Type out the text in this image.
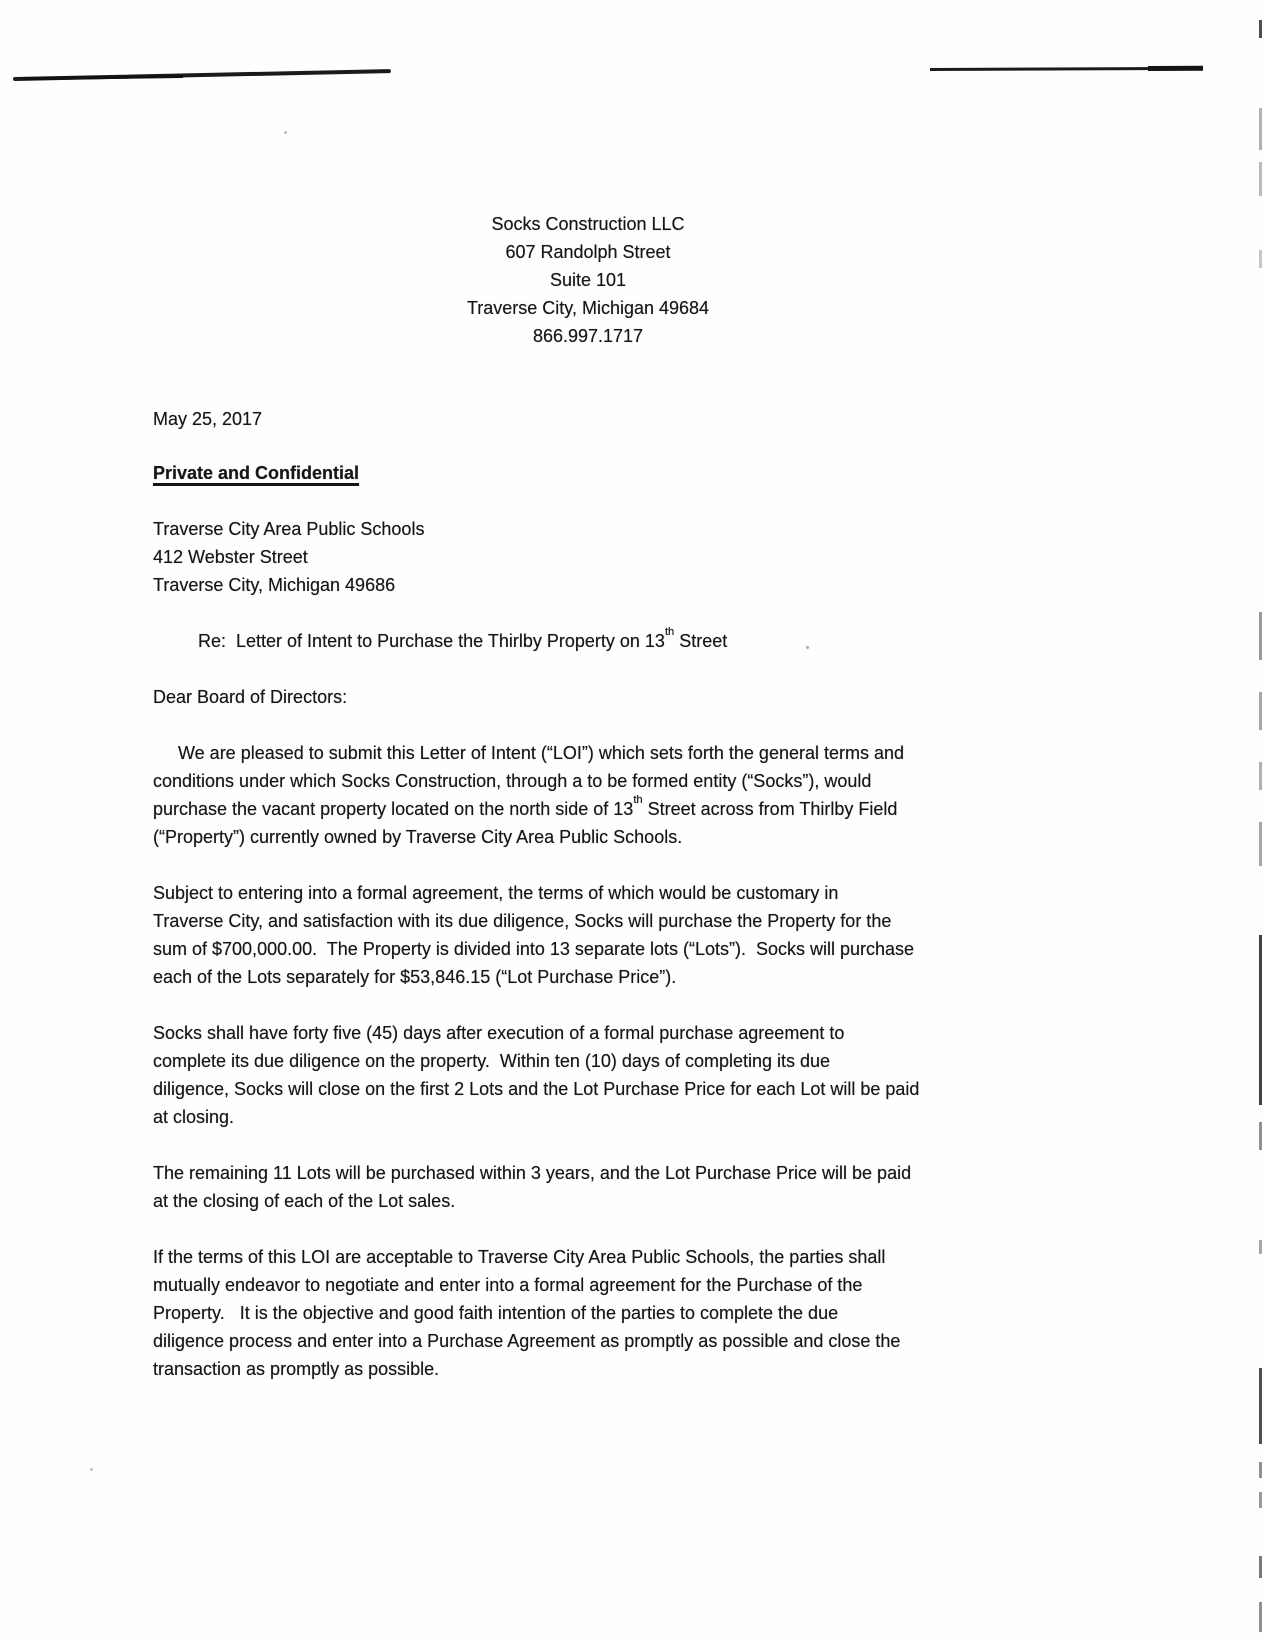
Socks Construction LLC
607 Randolph Street
Suite 101
Traverse City, Michigan 49684
866.997.1717
May 25, 2017
Private and Confidential
Traverse City Area Public Schools
412 Webster Street
Traverse City, Michigan 49686
Re:  Letter of Intent to Purchase the Thirlby Property on 13th Street
Dear Board of Directors:
We are pleased to submit this Letter of Intent (“LOI”) which sets forth the general terms and
conditions under which Socks Construction, through a to be formed entity (“Socks”), would
purchase the vacant property located on the north side of 13th Street across from Thirlby Field
(“Property”) currently owned by Traverse City Area Public Schools.
Subject to entering into a formal agreement, the terms of which would be customary in
Traverse City, and satisfaction with its due diligence, Socks will purchase the Property for the
sum of $700,000.00.  The Property is divided into 13 separate lots (“Lots”).  Socks will purchase
each of the Lots separately for $53,846.15 (“Lot Purchase Price”).
Socks shall have forty five (45) days after execution of a formal purchase agreement to
complete its due diligence on the property.  Within ten (10) days of completing its due
diligence, Socks will close on the first 2 Lots and the Lot Purchase Price for each Lot will be paid
at closing.
The remaining 11 Lots will be purchased within 3 years, and the Lot Purchase Price will be paid
at the closing of each of the Lot sales.
If the terms of this LOI are acceptable to Traverse City Area Public Schools, the parties shall
mutually endeavor to negotiate and enter into a formal agreement for the Purchase of the
Property.   It is the objective and good faith intention of the parties to complete the due
diligence process and enter into a Purchase Agreement as promptly as possible and close the
transaction as promptly as possible.
